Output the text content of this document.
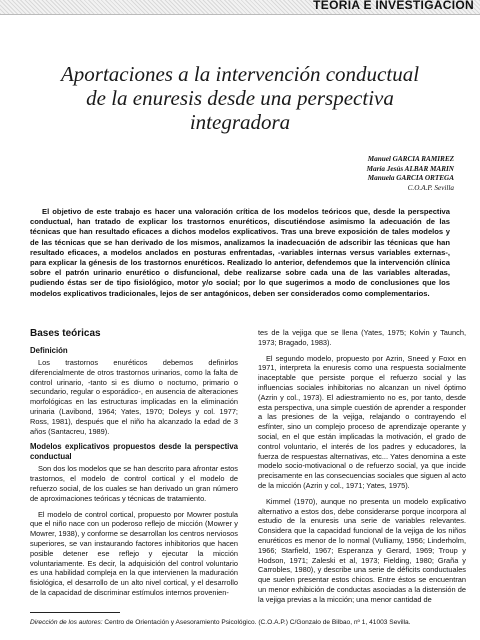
TEORIA E INVESTIGACION
Aportaciones a la intervención conductual
de la enuresis desde una perspectiva
integradora
Manuel GARCIA RAMIREZ
María Jesús ALBAR MARIN
Manuela GARCIA ORTEGA
C.O.A.P. Sevilla

El objetivo de este trabajo es hacer una valoración crítica de los modelos teóricos que, desde la perspectiva conductual, han tratado de explicar los trastornos enuréticos, discutiéndose asimismo la adecuación de las técnicas que han resultado eficaces a dichos modelos explicativos. Tras una breve exposición de tales modelos y de las técnicas que se han derivado de los mismos, analizamos la inadecuación de adscribir las técnicas que han resultado eficaces, a modelos anclados en posturas enfrentadas, -variables internas versus variables externas-, para explicar la génesis de los trastornos enuréticos. Realizado lo anterior, defendemos que la intervención clínica sobre el patrón urinario enurético o disfuncional, debe realizarse sobre cada una de las variables alteradas, pudiendo éstas ser de tipo fisiológico, motor y/o social; por lo que sugerimos a modo de conclusiones que los modelos explicativos tradicionales, lejos de ser antagónicos, deben ser considerados como complementarios.

Bases teóricas
Definición

Los trastornos enuréticos debemos definirlos diferencialmente de otros trastornos urinarios, como la falta de control urinario, -tanto si es diurno o nocturno, primario o secundario, regular o esporádico-, en ausencia de alteraciones morfológicas en las estructuras implicadas en la eliminación urinaria (Lavibond, 1964; Yates, 1970; Doleys y col. 1977; Ross, 1981), después que el niño ha alcanzado la edad de 3 años (Santacreu, 1989).

Modelos explicativos propuestos desde la perspectiva conductual

Son dos los modelos que se han descrito para afrontar estos trastornos, el modelo de control cortical y el modelo de refuerzo social, de los cuales se han derivado un gran número de aproximaciones teóricas y técnicas de tratamiento.

El modelo de control cortical, propuesto por Mowrer postula que el niño nace con un poderoso reflejo de micción (Mowrer y Mowrer, 1938), y conforme se desarrollan los centros nerviosos superiores, se van instaurando factores inhibitorios que hacen posible detener ese reflejo y ejecutar la micción voluntariamente. Es decir, la adquisición del control voluntario es una habilidad compleja en la que intervienen la maduración fisiológica, el desarrollo de un alto nivel cortical, y el desarrollo de la capacidad de discriminar estímulos internos provenien-

tes de la vejiga que se llena (Yates, 1975; Kolvin y Taunch, 1973; Bragado, 1983).

El segundo modelo, propuesto por Azrin, Sneed y Foxx en 1971, interpreta la enuresis como una respuesta socialmente inaceptable que persiste porque el refuerzo social y las influencias sociales inhibitorias no alcanzan un nivel óptimo (Azrin y col., 1973). El adiestramiento no es, por tanto, desde esta perspectiva, una simple cuestión de aprender a responder a las presiones de la vejiga, relajando o contrayendo el esfínter, sino un complejo proceso de aprendizaje operante y social, en el que están implicadas la motivación, el grado de control voluntario, el interés de los padres y educadores, la fuerza de respuestas alternativas, etc... Yates denomina a este modelo socio-motivacional o de refuerzo social, ya que incide precisamente en las consecuencias sociales que siguen al acto de la micción (Azrin y col., 1971; Yates, 1975).

Kimmel (1970), aunque no presenta un modelo explicativo alternativo a estos dos, debe considerarse porque incorpora al estudio de la enuresis una serie de variables relevantes. Considera que la capacidad funcional de la vejiga de los niños enuréticos es menor de lo normal (Vulliamy, 1956; Linderholm, 1966; Starfield, 1967; Esperanza y Gerard, 1969; Troup y Hodson, 1971; Zaleski et al, 1973; Fielding, 1980; Graña y Carrobles, 1980), y describe una serie de déficits conductuales que suelen presentar estos chicos. Entre éstos se encuentran un menor exhibición de conductas asociadas a la distensión de la vejiga previas a la micción; una menor cantidad de

Dirección de los autores: Centro de Orientación y Asesoramiento Psicológico. (C.O.A.P.) C/Gonzalo de Bilbao, nº 1, 41003 Sevilla.
